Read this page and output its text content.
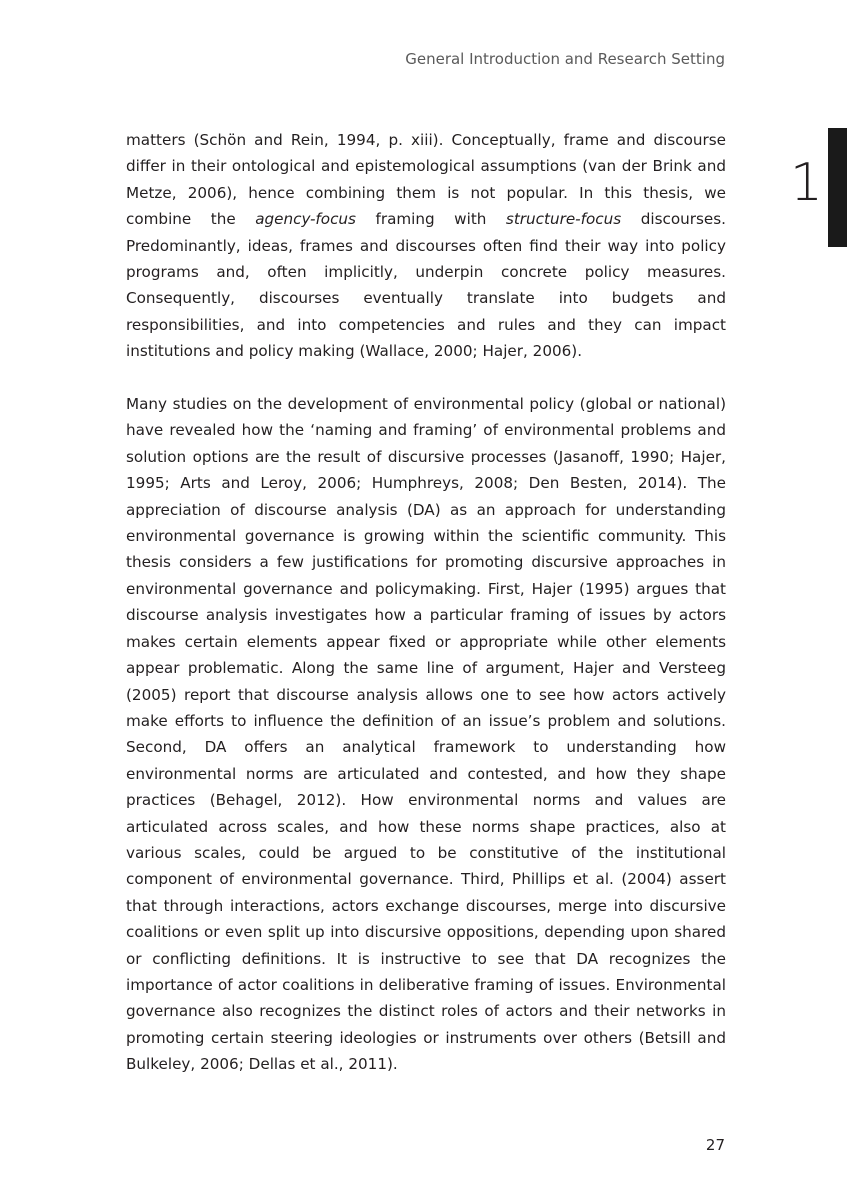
General Introduction and Research Setting
1

matters (Schön and Rein, 1994, p. xiii). Conceptually, frame and discourse differ in their ontological and epistemological assumptions (van der Brink and Metze, 2006), hence combining them is not popular. In this thesis, we combine the agency-focus framing with structure-focus discourses. Predominantly, ideas, frames and discourses often find their way into policy programs and, often implicitly, underpin concrete policy measures. Consequently, discourses eventually translate into budgets and responsibilities, and into competencies and rules and they can impact institutions and policy making (Wallace, 2000; Hajer, 2006).

Many studies on the development of environmental policy (global or national) have revealed how the ‘naming and framing’ of environmental problems and solution options are the result of discursive processes (Jasanoff, 1990; Hajer, 1995; Arts and Leroy, 2006; Humphreys, 2008; Den Besten, 2014). The appreciation of discourse analysis (DA) as an approach for understanding environmental governance is growing within the scientific community. This thesis considers a few justifications for promoting discursive approaches in environmental governance and policymaking. First, Hajer (1995) argues that discourse analysis investigates how a particular framing of issues by actors makes certain elements appear fixed or appropriate while other elements appear problematic. Along the same line of argument, Hajer and Versteeg (2005) report that discourse analysis allows one to see how actors actively make efforts to influence the definition of an issue’s problem and solutions. Second, DA offers an analytical framework to understanding how environmental norms are articulated and contested, and how they shape practices (Behagel, 2012). How environmental norms and values are articulated across scales, and how these norms shape practices, also at various scales, could be argued to be constitutive of the institutional component of environmental governance. Third, Phillips et al. (2004) assert that through interactions, actors exchange discourses, merge into discursive coalitions or even split up into discursive oppositions, depending upon shared or conflicting definitions. It is instructive to see that DA recognizes the importance of actor coalitions in deliberative framing of issues. Environmental governance also recognizes the distinct roles of actors and their networks in promoting certain steering ideologies or instruments over others (Betsill and Bulkeley, 2006; Dellas et al., 2011).

27
